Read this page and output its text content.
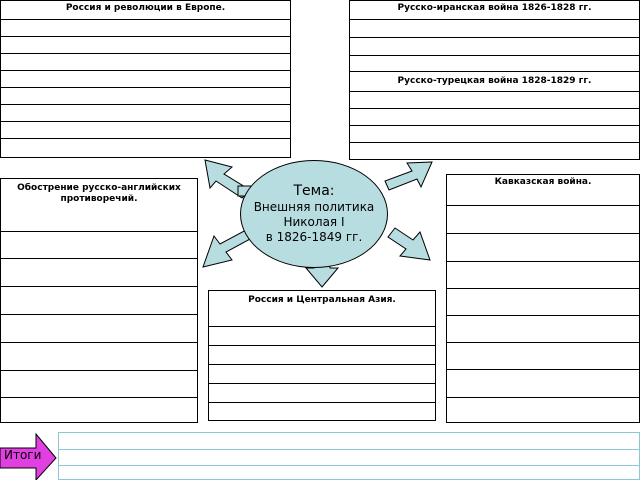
Россия и революции в Европе.	Русско-иранская война 1826-1828 гг.
Русско-турецкая война 1828-1829 гг.
Обострение русско-английских противоречий.
Кавказская война.
Россия и Центральная Азия.
Тема:
Внешняя политика
Николая I
в 1826-1849 гг.
Итоги
